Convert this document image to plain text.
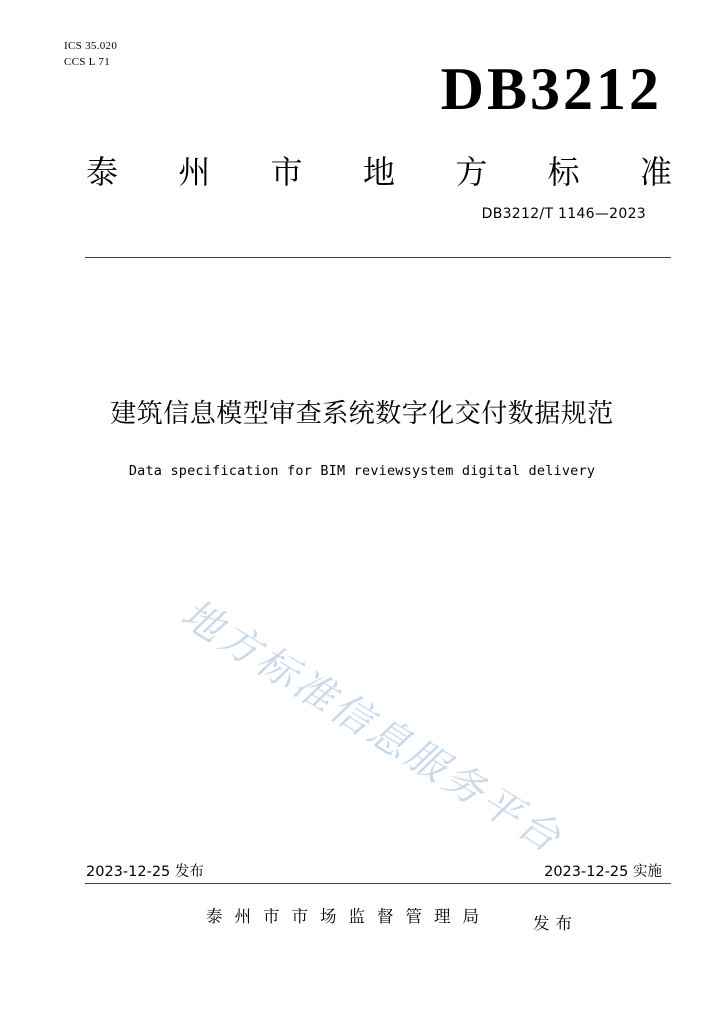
ICS 35.020
CCS L 71	DB3212
泰 州 市 地 方 标 准
DB3212/T 1146—2023
建筑信息模型审查系统数字化交付数据规范
Data specification for BIM reviewsystem digital delivery
地方标准信息服务平台
2023-12-25 发布	2023-12-25 实施
泰州市市场监督管理局	发布
